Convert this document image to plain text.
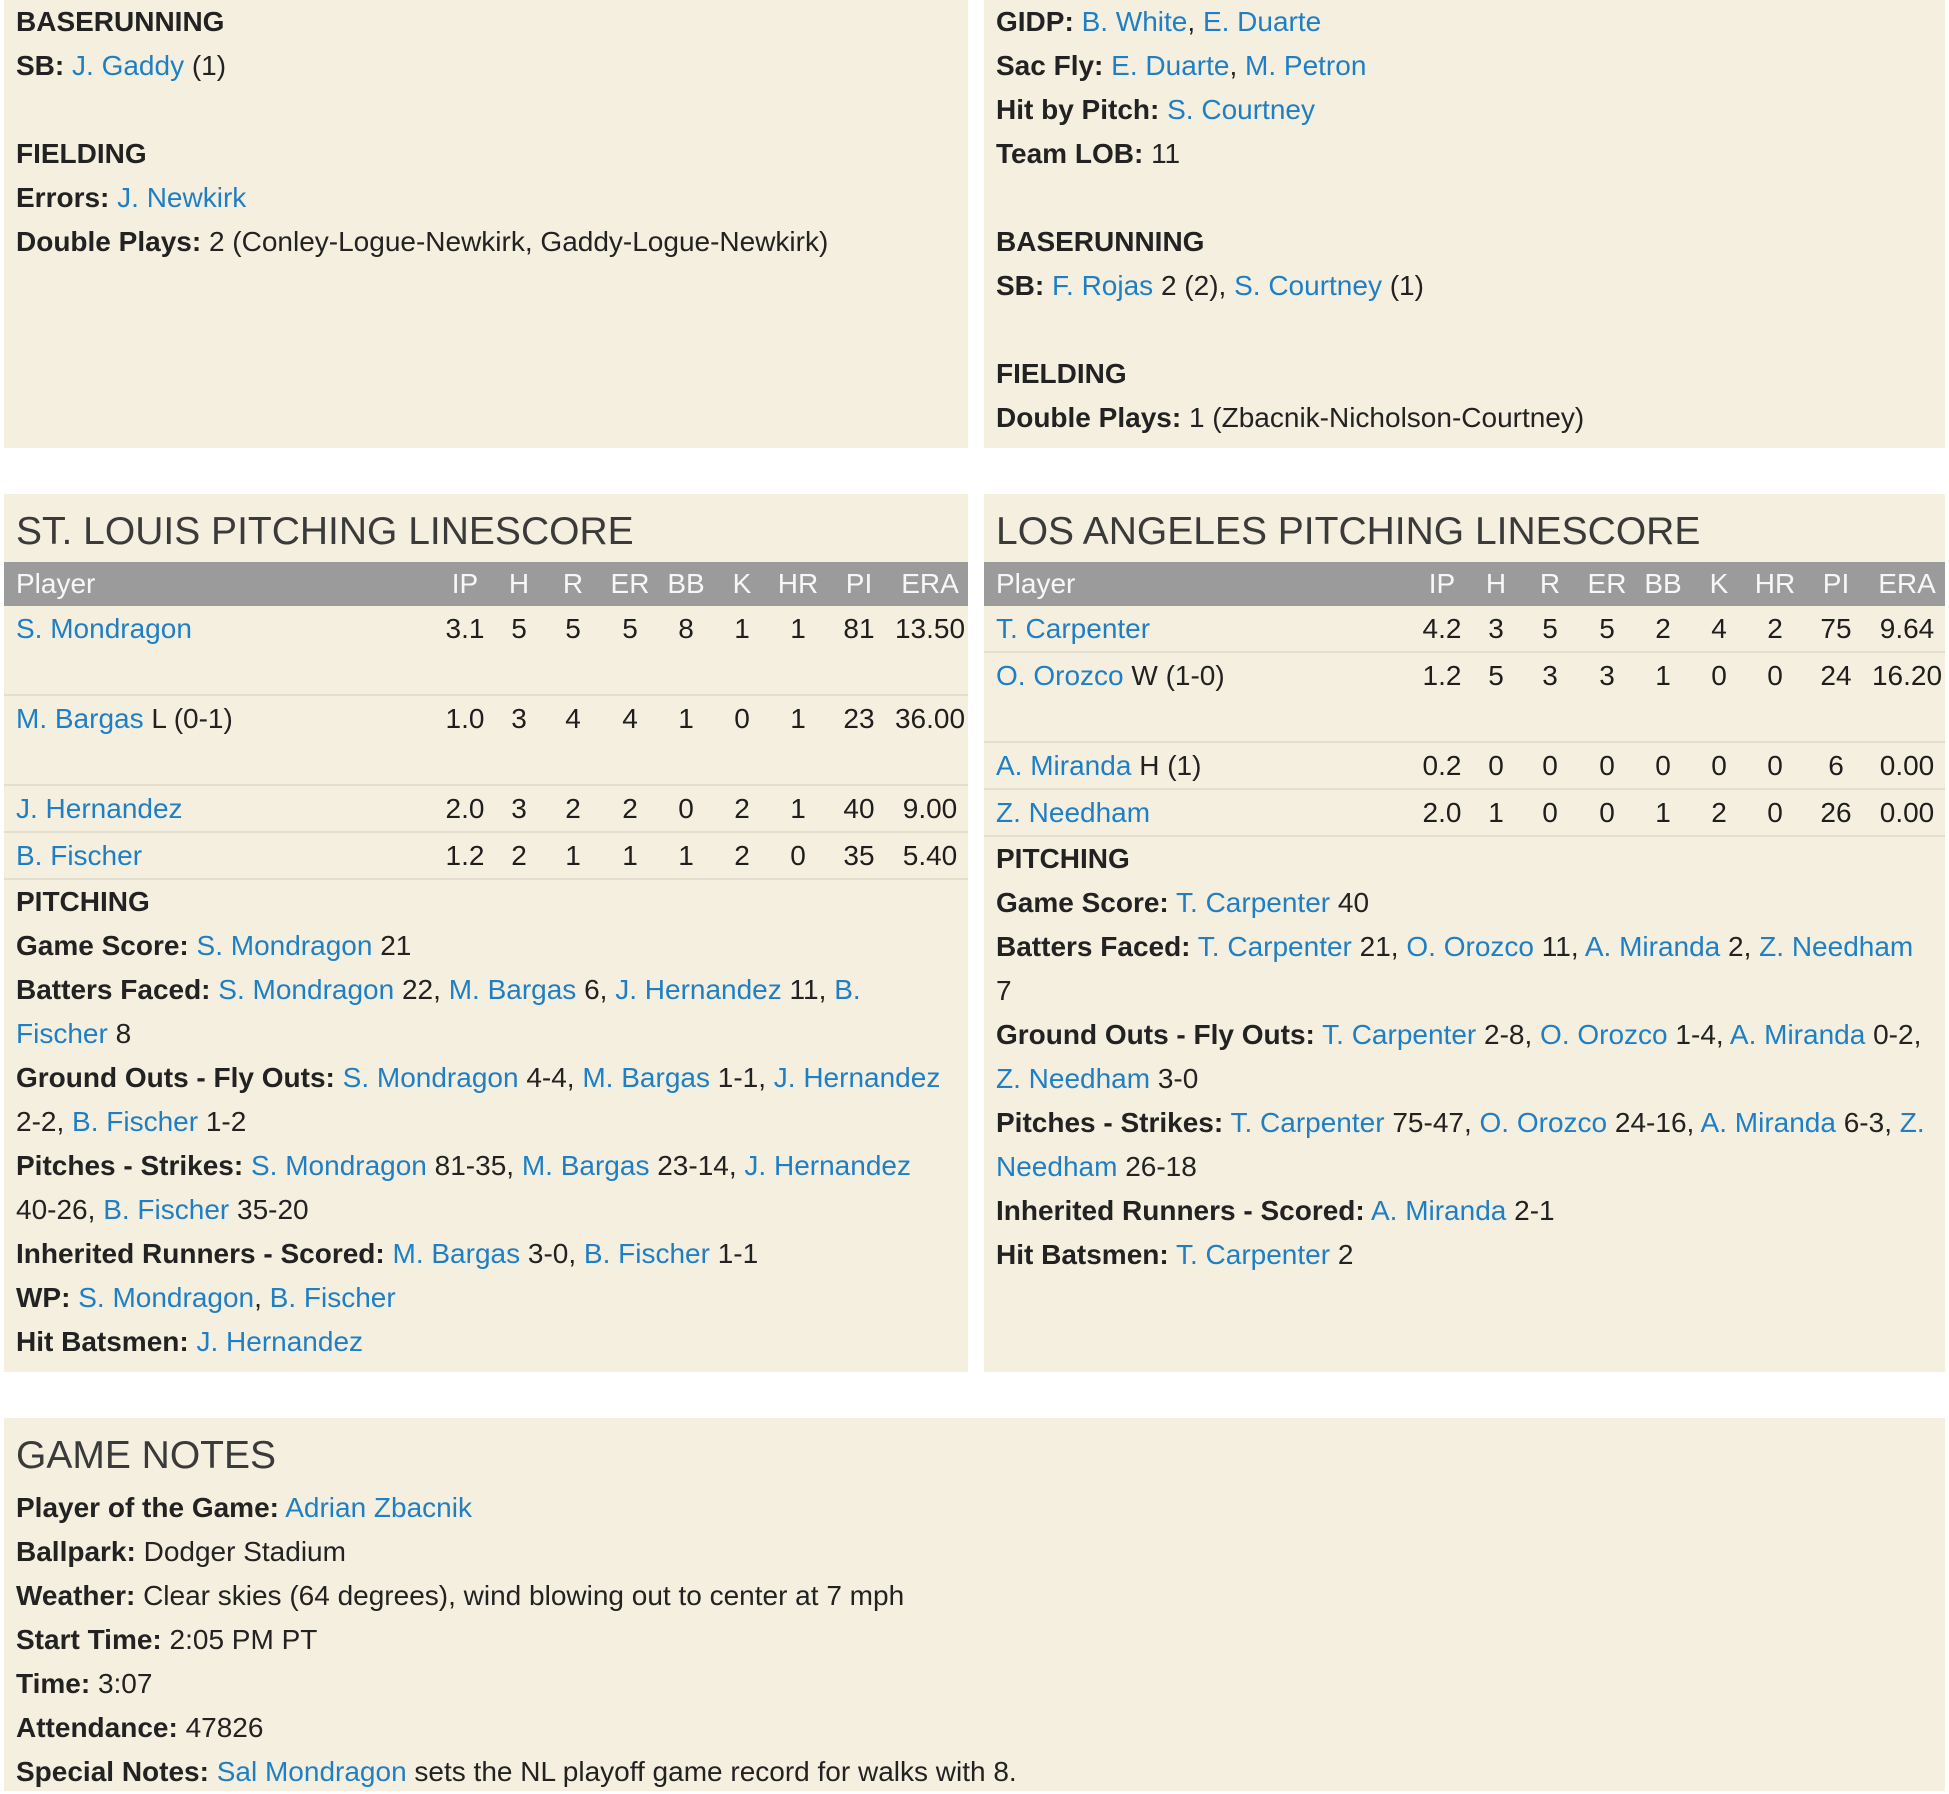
BASERUNNING
SB: J. Gaddy (1)
FIELDING
Errors: J. Newkirk
Double Plays: 2 (Conley-Logue-Newkirk, Gaddy-Logue-Newkirk)
GIDP: B. White, E. Duarte
Sac Fly: E. Duarte, M. Petron
Hit by Pitch: S. Courtney
Team LOB: 11
BASERUNNING
SB: F. Rojas 2 (2), S. Courtney (1)
FIELDING
Double Plays: 1 (Zbacnik-Nicholson-Courtney)
ST. LOUIS PITCHING LINESCORE
Player	IP	H	R	ER	BB	K	HR	PI	ERA
S. Mondragon	3.1	5	5	5	8	1	1	81	13.50
M. Bargas L (0-1)	1.0	3	4	4	1	0	1	23	36.00
J. Hernandez	2.0	3	2	2	0	2	1	40	9.00
B. Fischer	1.2	2	1	1	1	2	0	35	5.40
PITCHING
Game Score: S. Mondragon 21
Batters Faced: S. Mondragon 22, M. Bargas 6, J. Hernandez 11, B. Fischer 8
Ground Outs - Fly Outs: S. Mondragon 4-4, M. Bargas 1-1, J. Hernandez 2-2, B. Fischer 1-2
Pitches - Strikes: S. Mondragon 81-35, M. Bargas 23-14, J. Hernandez 40-26, B. Fischer 35-20
Inherited Runners - Scored: M. Bargas 3-0, B. Fischer 1-1
WP: S. Mondragon, B. Fischer
Hit Batsmen: J. Hernandez
LOS ANGELES PITCHING LINESCORE
Player	IP	H	R	ER	BB	K	HR	PI	ERA
T. Carpenter	4.2	3	5	5	2	4	2	75	9.64
O. Orozco W (1-0)	1.2	5	3	3	1	0	0	24	16.20
A. Miranda H (1)	0.2	0	0	0	0	0	0	6	0.00
Z. Needham	2.0	1	0	0	1	2	0	26	0.00
PITCHING
Game Score: T. Carpenter 40
Batters Faced: T. Carpenter 21, O. Orozco 11, A. Miranda 2, Z. Needham 7
Ground Outs - Fly Outs: T. Carpenter 2-8, O. Orozco 1-4, A. Miranda 0-2, Z. Needham 3-0
Pitches - Strikes: T. Carpenter 75-47, O. Orozco 24-16, A. Miranda 6-3, Z. Needham 26-18
Inherited Runners - Scored: A. Miranda 2-1
Hit Batsmen: T. Carpenter 2
GAME NOTES
Player of the Game: Adrian Zbacnik
Ballpark: Dodger Stadium
Weather: Clear skies (64 degrees), wind blowing out to center at 7 mph
Start Time: 2:05 PM PT
Time: 3:07
Attendance: 47826
Special Notes: Sal Mondragon sets the NL playoff game record for walks with 8.
